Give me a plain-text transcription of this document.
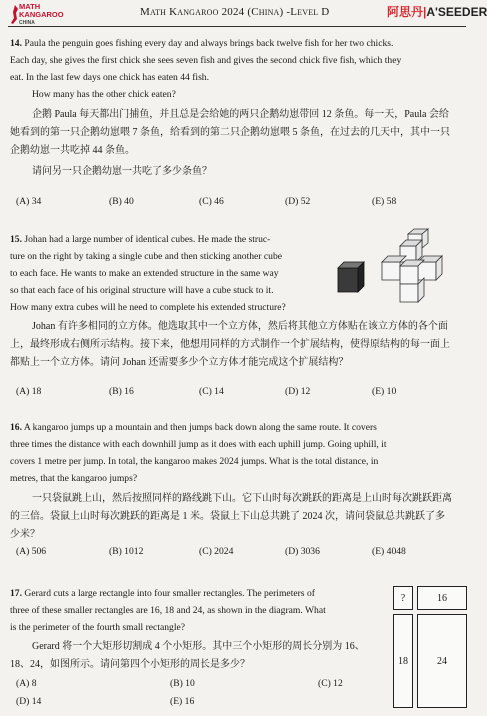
MATH
KANGAROO
CHINA
Math Kangaroo 2024 (China) -Level D	阿思丹|A'SEEDER
14. Paula the penguin goes fishing every day and always brings back twelve fish for her two chicks.
Each day, she gives the first chick she sees seven fish and gives the second chick five fish, which they
eat. In the last few days one chick has eaten 44 fish.
How many has the other chick eaten?
企鹅 Paula 每天都出门捕鱼，并且总是会给她的两只企鹅幼崽带回 12 条鱼。每一天，Paula 会给
她看到的第一只企鹅幼崽喂 7 条鱼，给看到的第二只企鹅幼崽喂 5 条鱼，在过去的几天中，其中一只
企鹅幼崽一共吃掉 44 条鱼。
请问另一只企鹅幼崽一共吃了多少条鱼？
(A) 34	(B) 40	(C) 46	(D) 52	(E) 58
15. Johan had a large number of identical cubes. He made the struc-
ture on the right by taking a single cube and then sticking another cube
to each face. He wants to make an extended structure in the same way
so that each face of his original structure will have a cube stuck to it.
How many extra cubes will he need to complete his extended structure?
Johan 有许多相同的立方体。他选取其中一个立方体，然后将其他立方体贴在该立方体的各个面
上，最终形成右侧所示结构。接下来，他想用同样的方式制作一个扩展结构，使得原结构的每一面上
都贴上一个立方体。请问 Johan 还需要多少个立方体才能完成这个扩展结构？
(A) 18	(B) 16	(C) 14	(D) 12	(E) 10
16. A kangaroo jumps up a mountain and then jumps back down along the same route. It covers
three times the distance with each downhill jump as it does with each uphill jump. Going uphill, it
covers 1 metre per jump. In total, the kangaroo makes 2024 jumps. What is the total distance, in
metres, that the kangaroo jumps?
一只袋鼠跳上山，然后按照同样的路线跳下山。它下山时每次跳跃的距离是上山时每次跳跃距离
的三倍。袋鼠上山时每次跳跃的距离是 1 米。袋鼠上下山总共跳了 2024 次，请问袋鼠总共跳跃了多
少米？
(A) 506	(B) 1012	(C) 2024	(D) 3036	(E) 4048
17. Gerard cuts a large rectangle into four smaller rectangles. The perimeters of
three of these smaller rectangles are 16, 18 and 24, as shown in the diagram. What
is the perimeter of the fourth small rectangle?
Gerard 将一个大矩形切割成 4 个小矩形。其中三个小矩形的周长分别为 16、
18、24，如图所示。请问第四个小矩形的周长是多少？
(A) 8	(B) 10	(C) 12
(D) 14	(E) 16
?	16
18	24
